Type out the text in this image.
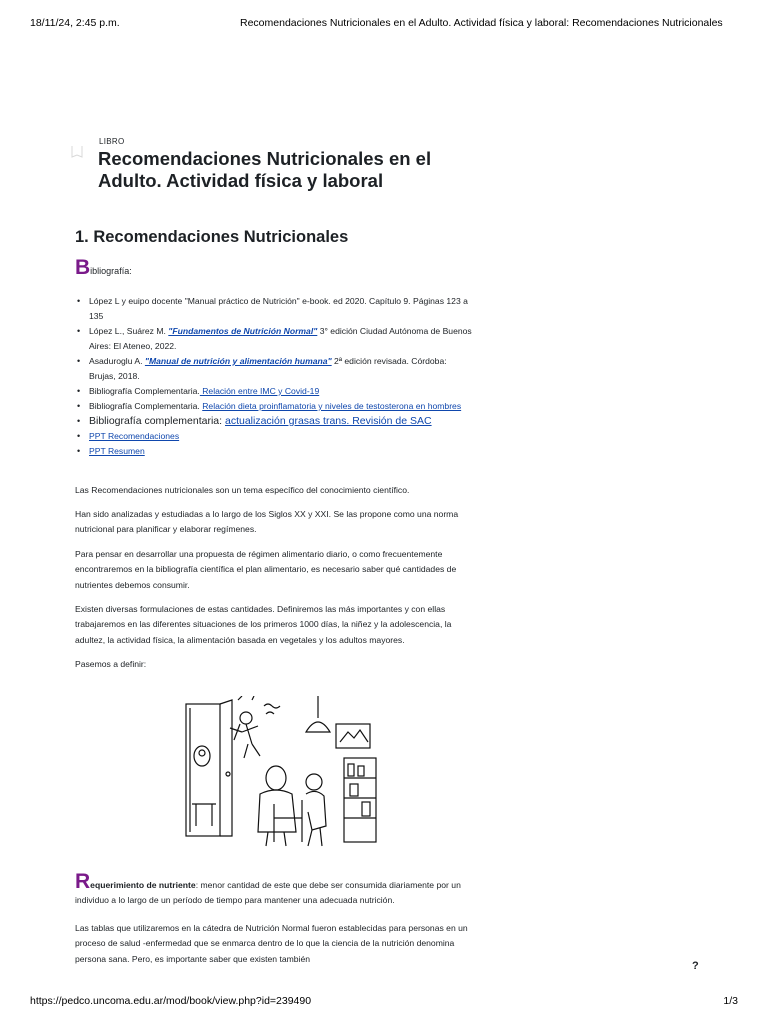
18/11/24, 2:45 p.m.	Recomendaciones Nutricionales en el Adulto. Actividad física y laboral: Recomendaciones Nutricionales
LIBRO
Recomendaciones Nutricionales en el Adulto. Actividad física y laboral
1. Recomendaciones Nutricionales
B ibliografía:
• López L y euipo docente "Manual práctico de Nutrición" e-book. ed 2020. Capítulo 9. Páginas 123 a 135
• López L., Suárez M. "Fundamentos de Nutrición Normal" 3° edición Ciudad Autónoma de Buenos Aires: El Ateneo, 2022.
• Asaduroglu A. "Manual de nutrición y alimentación humana" 2ª edición revisada. Córdoba: Brujas, 2018.
• Bibliografía Complementaria. Relación entre IMC y Covid-19
• Bibliografía Complementaria. Relación dieta proinflamatoria y niveles de testosterona en hombres
• Bibliografía complementaria: actualización grasas trans. Revisión de SAC
• PPT Recomendaciones
• PPT Resumen

Las Recomendaciones nutricionales son un tema específico del conocimiento científico.

Han sido analizadas y estudiadas a lo largo de los Siglos XX y XXI. Se las propone como una norma nutricional para planificar y elaborar regímenes.

Para pensar en desarrollar una propuesta de régimen alimentario diario, o como frecuentemente encontraremos en la bibliografía científica el plan alimentario, es necesario saber qué cantidades de nutrientes debemos consumir.

Existen diversas formulaciones de estas cantidades. Definiremos las más importantes y con ellas trabajaremos en las diferentes situaciones de los primeros 1000 días, la niñez y la adolescencia, la adultez, la actividad física, la alimentación basada en vegetales y los adultos mayores.

Pasemos a definir:

Requerimiento de nutriente: menor cantidad de este que debe ser consumida diariamente por un individuo a lo largo de un período de tiempo para mantener una adecuada nutrición.

Las tablas que utilizaremos en la cátedra de Nutrición Normal fueron establecidas para personas en un proceso de salud -enfermedad que se enmarca dentro de lo que la ciencia de la nutrición denomina persona sana. Pero, es importante saber que existen también

?
https://pedco.uncoma.edu.ar/mod/book/view.php?id=239490	1/3
